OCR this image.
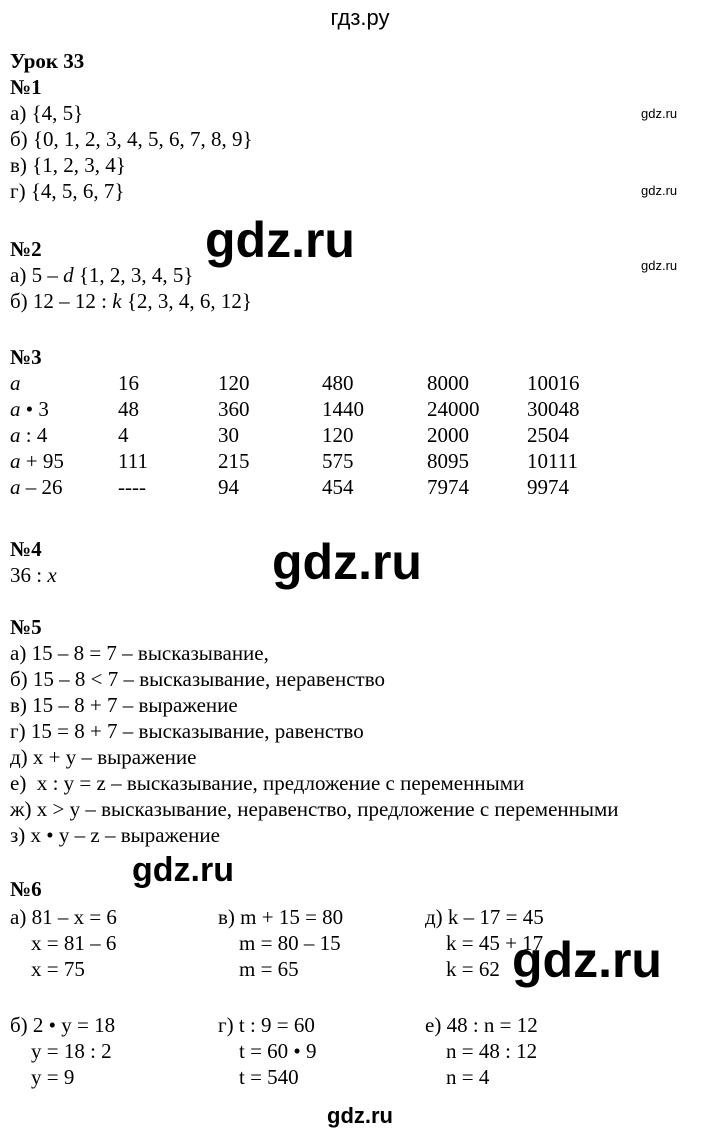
гдз.ру
Урок 33
№1
а) {4, 5}
б) {0, 1, 2, 3, 4, 5, 6, 7, 8, 9}
в) {1, 2, 3, 4}
г) {4, 5, 6, 7}
№2
а) 5 – d {1, 2, 3, 4, 5}
б) 12 – 12 : k {2, 3, 4, 6, 12}
№3
№4
36 : x
№5
а) 15 – 8 = 7 – высказывание,
б) 15 – 8 < 7 – высказывание, неравенство
в) 15 – 8 + 7 – выражение
г) 15 = 8 + 7 – высказывание, равенство
д) x + y – выражение
е)  x : y = z – высказывание, предложение с переменными
ж) x > y – высказывание, неравенство, предложение с переменными
з) x • y – z – выражение
№6
gdz.ru
gdz.ru
gdz.ru
gdz.ru
gdz.ru
gdz.ru
gdz.ru
gdz.ru
a	16	120	480	8000	10016
a • 3	48	360	1440	24000 30048
a : 4	4	30	120	2000	2504
a + 95	111	215	575	8095	10111
a – 26	----	94	454	7974	9974
а) 81 – x = 6
x = 81 – 6
x = 75
в) m + 15 = 80
m = 80 – 15
m = 65
д) k – 17 = 45
k = 45 + 17
k = 62
б) 2 • y = 18
y = 18 : 2
y = 9
г) t : 9 = 60
t = 60 • 9
t = 540
е) 48 : n = 12
n = 48 : 12
n = 4
